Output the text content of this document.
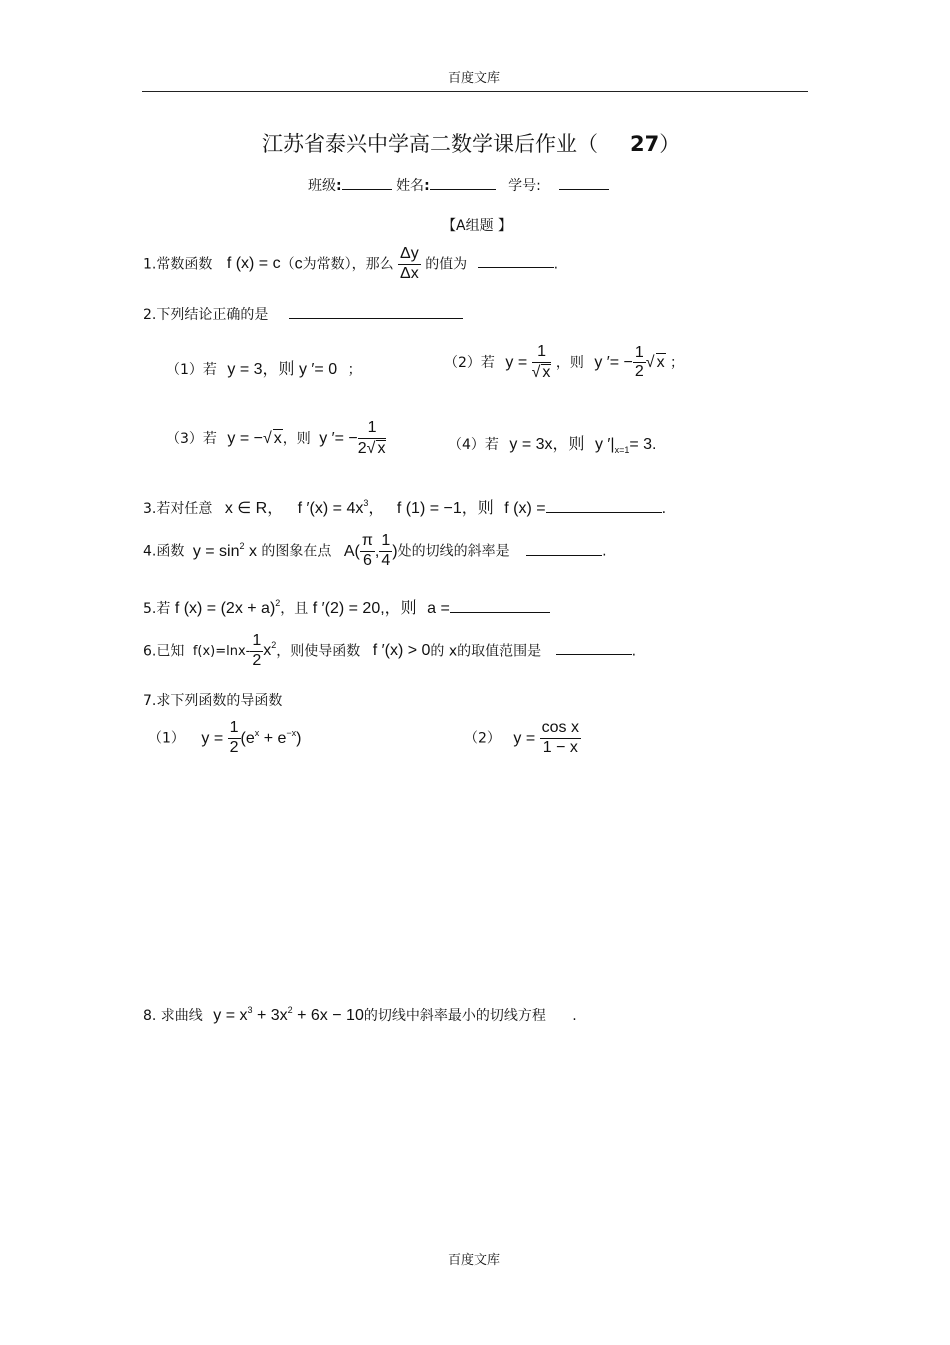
百度文库
江苏省泰兴中学高二数学课后作业（ 27）
班级:	姓名:	学号:
【A组题 】
1.常数函数 f (x) = c（c为常数），那么 $\frac{\Delta y}{\Delta x}$ 的值为	.
2.下列结论正确的是
（1）若 y = 3，则 y ′= 0 ；	（2）若 $y = \frac{1}{√ x}$ ，则 y ′= − $\frac{1}{2}$ √ x ；
（3）若 y = −√ x，则 y ′= − $\frac{1}{2√ x}$	（4）若 y = 3x，则 y $'|_{x=1}= 3$.
3.若对任意 x ∈ R， f $'(x) = 4x^3$， f (1) = −1，则 f (x) =	.
4.函数 $y = \sin^2 x$ 的图象在点 $A( \frac{\pi}{6}$ , $\frac{1}{4}$ )处的切线的斜率是	.
5.若 f $(x) = (2x + a)^2$，且 f ′(2) = 20,，则 a =
6.已知 $f(x)=\ln x- \frac{1}{2} x^2$，则使导函数 f ′(x) > 0的 x的取值范围是	.
7.求下列函数的导函数
（1） $y = \frac{1}{2} (e^x + e^{-x})$	（2） $y = \frac{\text{cos x}}{1 - x}$
8. 求曲线 $y = x^3 + 3x^2 + 6x - 10$的切线中斜率最小的切线方程 .
百度文库
